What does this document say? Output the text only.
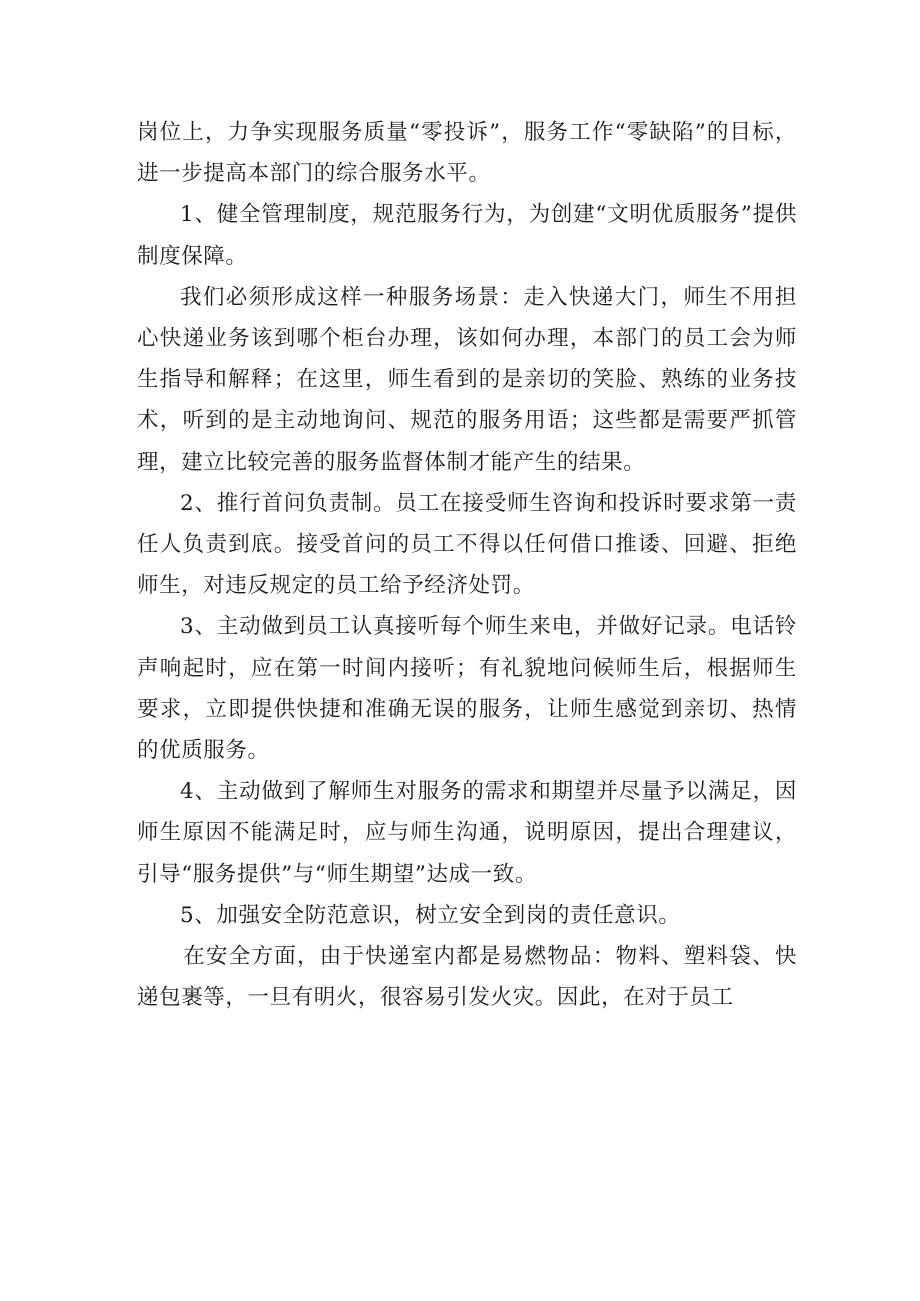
岗位上，力争实现服务质量“零投诉”，服务工作“零缺陷”的目标，进一步提高本部门的综合服务水平。

1、健全管理制度，规范服务行为，为创建“文明优质服务”提供制度保障。

我们必须形成这样一种服务场景：走入快递大门，师生不用担心快递业务该到哪个柜台办理，该如何办理，本部门的员工会为师生指导和解释；在这里，师生看到的是亲切的笑脸、熟练的业务技术，听到的是主动地询问、规范的服务用语；这些都是需要严抓管理，建立比较完善的服务监督体制才能产生的结果。

2、推行首问负责制。员工在接受师生咨询和投诉时要求第一责任人负责到底。接受首问的员工不得以任何借口推诿、回避、拒绝师生，对违反规定的员工给予经济处罚。

3、主动做到员工认真接听每个师生来电，并做好记录。电话铃声响起时，应在第一时间内接听；有礼貌地问候师生后，根据师生要求，立即提供快捷和准确无误的服务，让师生感觉到亲切、热情的优质服务。

4、主动做到了解师生对服务的需求和期望并尽量予以满足，因师生原因不能满足时，应与师生沟通，说明原因，提出合理建议，引导“服务提供”与“师生期望”达成一致。

5、加强安全防范意识，树立安全到岗的责任意识。

在安全方面，由于快递室内都是易燃物品：物料、塑料袋、快递包裹等，一旦有明火，很容易引发火灾。因此，在对于员工
